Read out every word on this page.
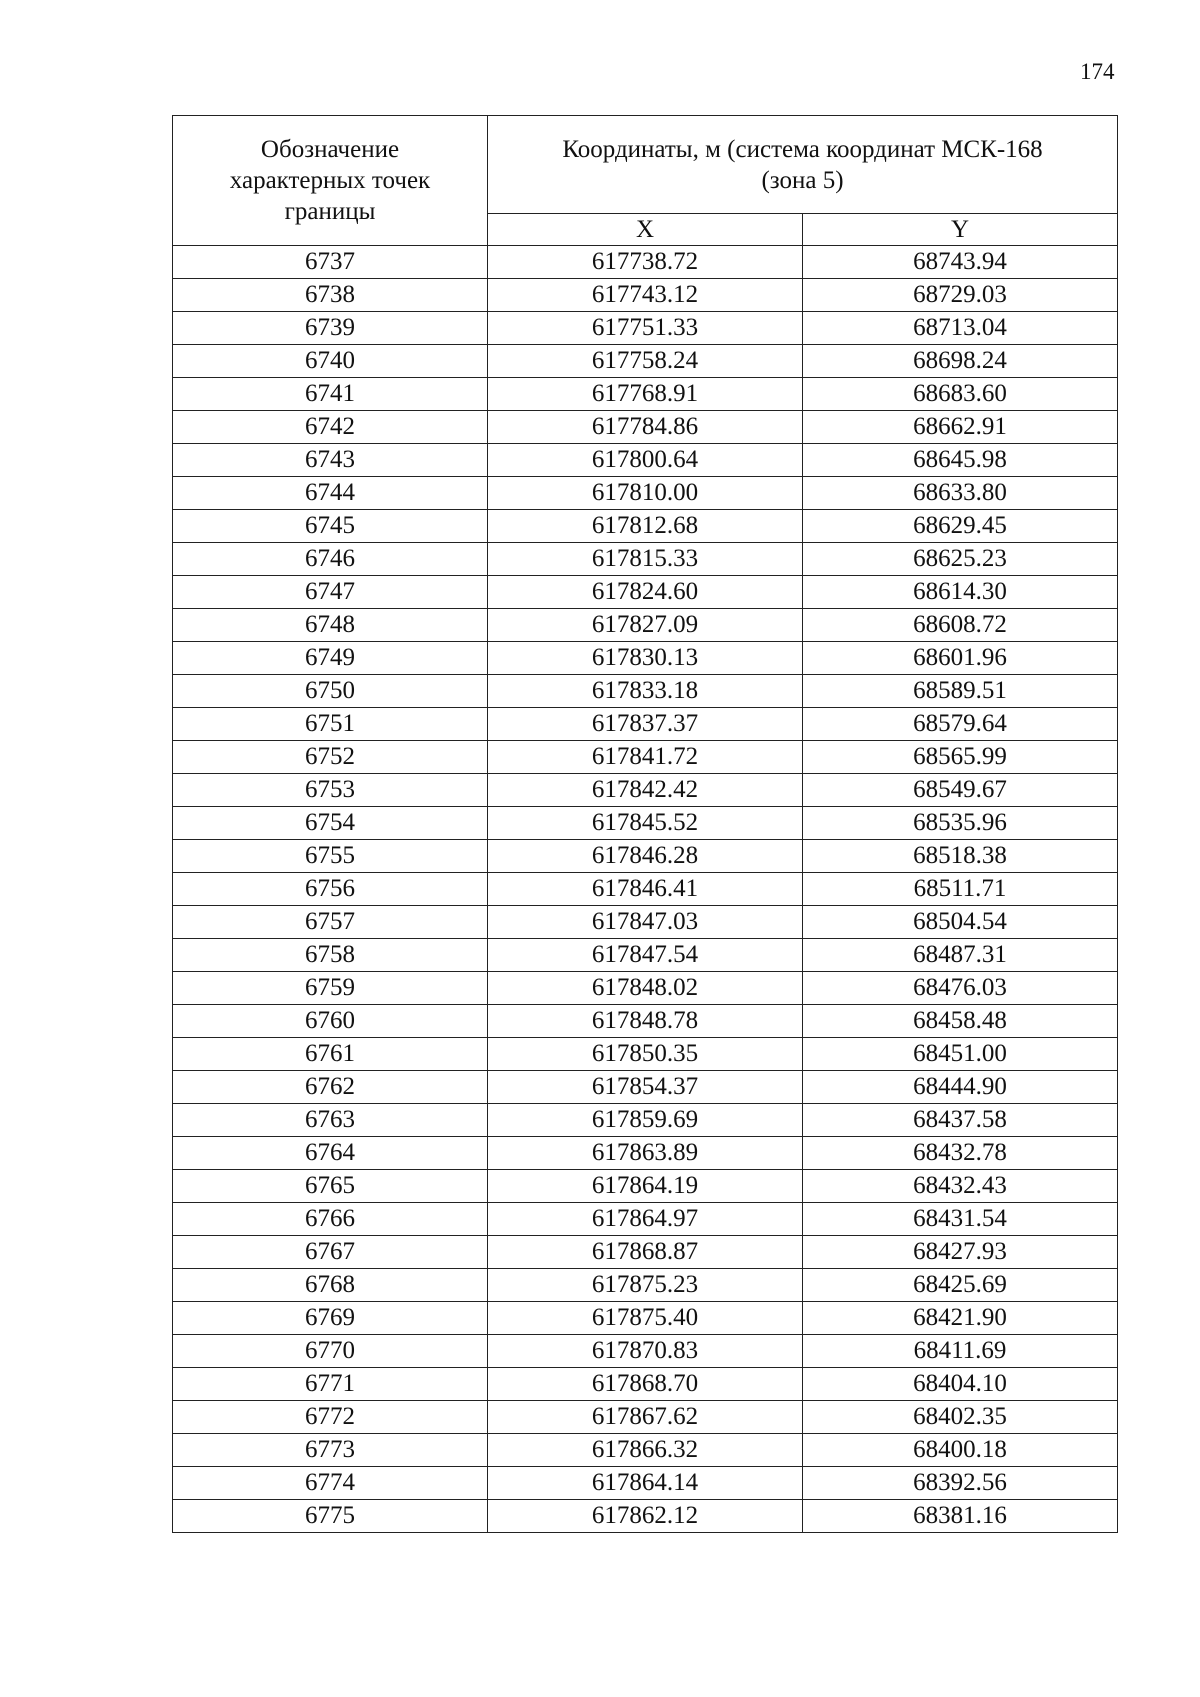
174
Обозначение характерных точек границы	Координаты, м (система координат МСК-168 (зона 5)	
	X	Y
6737	617738.72	68743.94
6738	617743.12	68729.03
6739	617751.33	68713.04
6740	617758.24	68698.24
6741	617768.91	68683.60
6742	617784.86	68662.91
6743	617800.64	68645.98
6744	617810.00	68633.80
6745	617812.68	68629.45
6746	617815.33	68625.23
6747	617824.60	68614.30
6748	617827.09	68608.72
6749	617830.13	68601.96
6750	617833.18	68589.51
6751	617837.37	68579.64
6752	617841.72	68565.99
6753	617842.42	68549.67
6754	617845.52	68535.96
6755	617846.28	68518.38
6756	617846.41	68511.71
6757	617847.03	68504.54
6758	617847.54	68487.31
6759	617848.02	68476.03
6760	617848.78	68458.48
6761	617850.35	68451.00
6762	617854.37	68444.90
6763	617859.69	68437.58
6764	617863.89	68432.78
6765	617864.19	68432.43
6766	617864.97	68431.54
6767	617868.87	68427.93
6768	617875.23	68425.69
6769	617875.40	68421.90
6770	617870.83	68411.69
6771	617868.70	68404.10
6772	617867.62	68402.35
6773	617866.32	68400.18
6774	617864.14	68392.56
6775	617862.12	68381.16
